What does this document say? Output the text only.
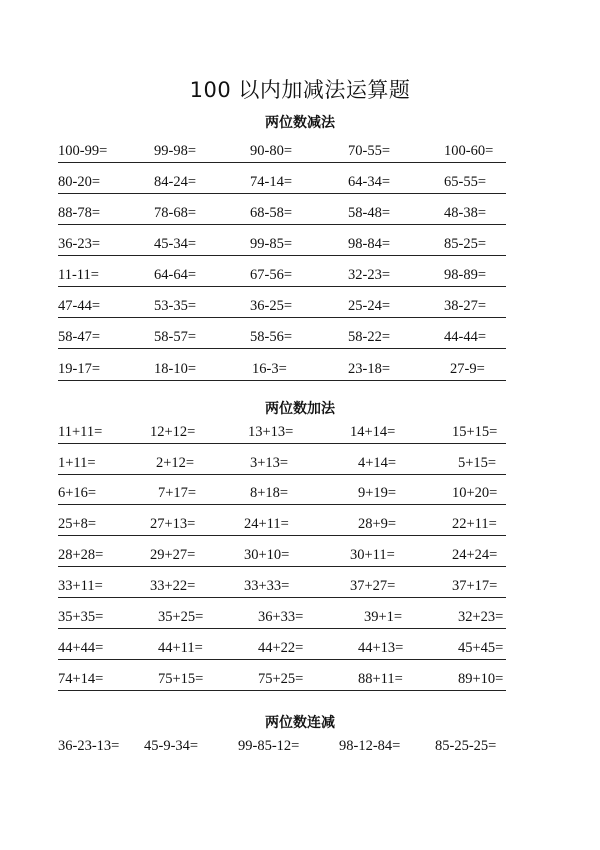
100 以内加减法运算题
两位数减法
100-99=	99-98=	90-80=	70-55=	100-60=
80-20=	84-24=	74-14=	64-34=	65-55=
88-78=	78-68=	68-58=	58-48=	48-38=
36-23=	45-34=	99-85=	98-84=	85-25=
11-11=	64-64=	67-56=	32-23=	98-89=
47-44=	53-35=	36-25=	25-24=	38-27=
58-47=	58-57=	58-56=	58-22=	44-44=
19-17=	18-10=	16-3=	23-18=	27-9=
两位数加法
11+11=	12+12=	13+13=	14+14=	15+15=
1+11=	2+12=	3+13=	4+14=	5+15=
6+16=	7+17=	8+18=	9+19=	10+20=
25+8=	27+13=	24+11=	28+9=	22+11=
28+28=	29+27=	30+10=	30+11=	24+24=
33+11=	33+22=	33+33=	37+27=	37+17=
35+35=	35+25=	36+33=	39+1=	32+23=
44+44=	44+11=	44+22=	44+13=	45+45=
74+14=	75+15=	75+25=	88+11=	89+10=
两位数连减
36-23-13= 45-9-34=	99-85-12=	98-12-84= 85-25-25=
